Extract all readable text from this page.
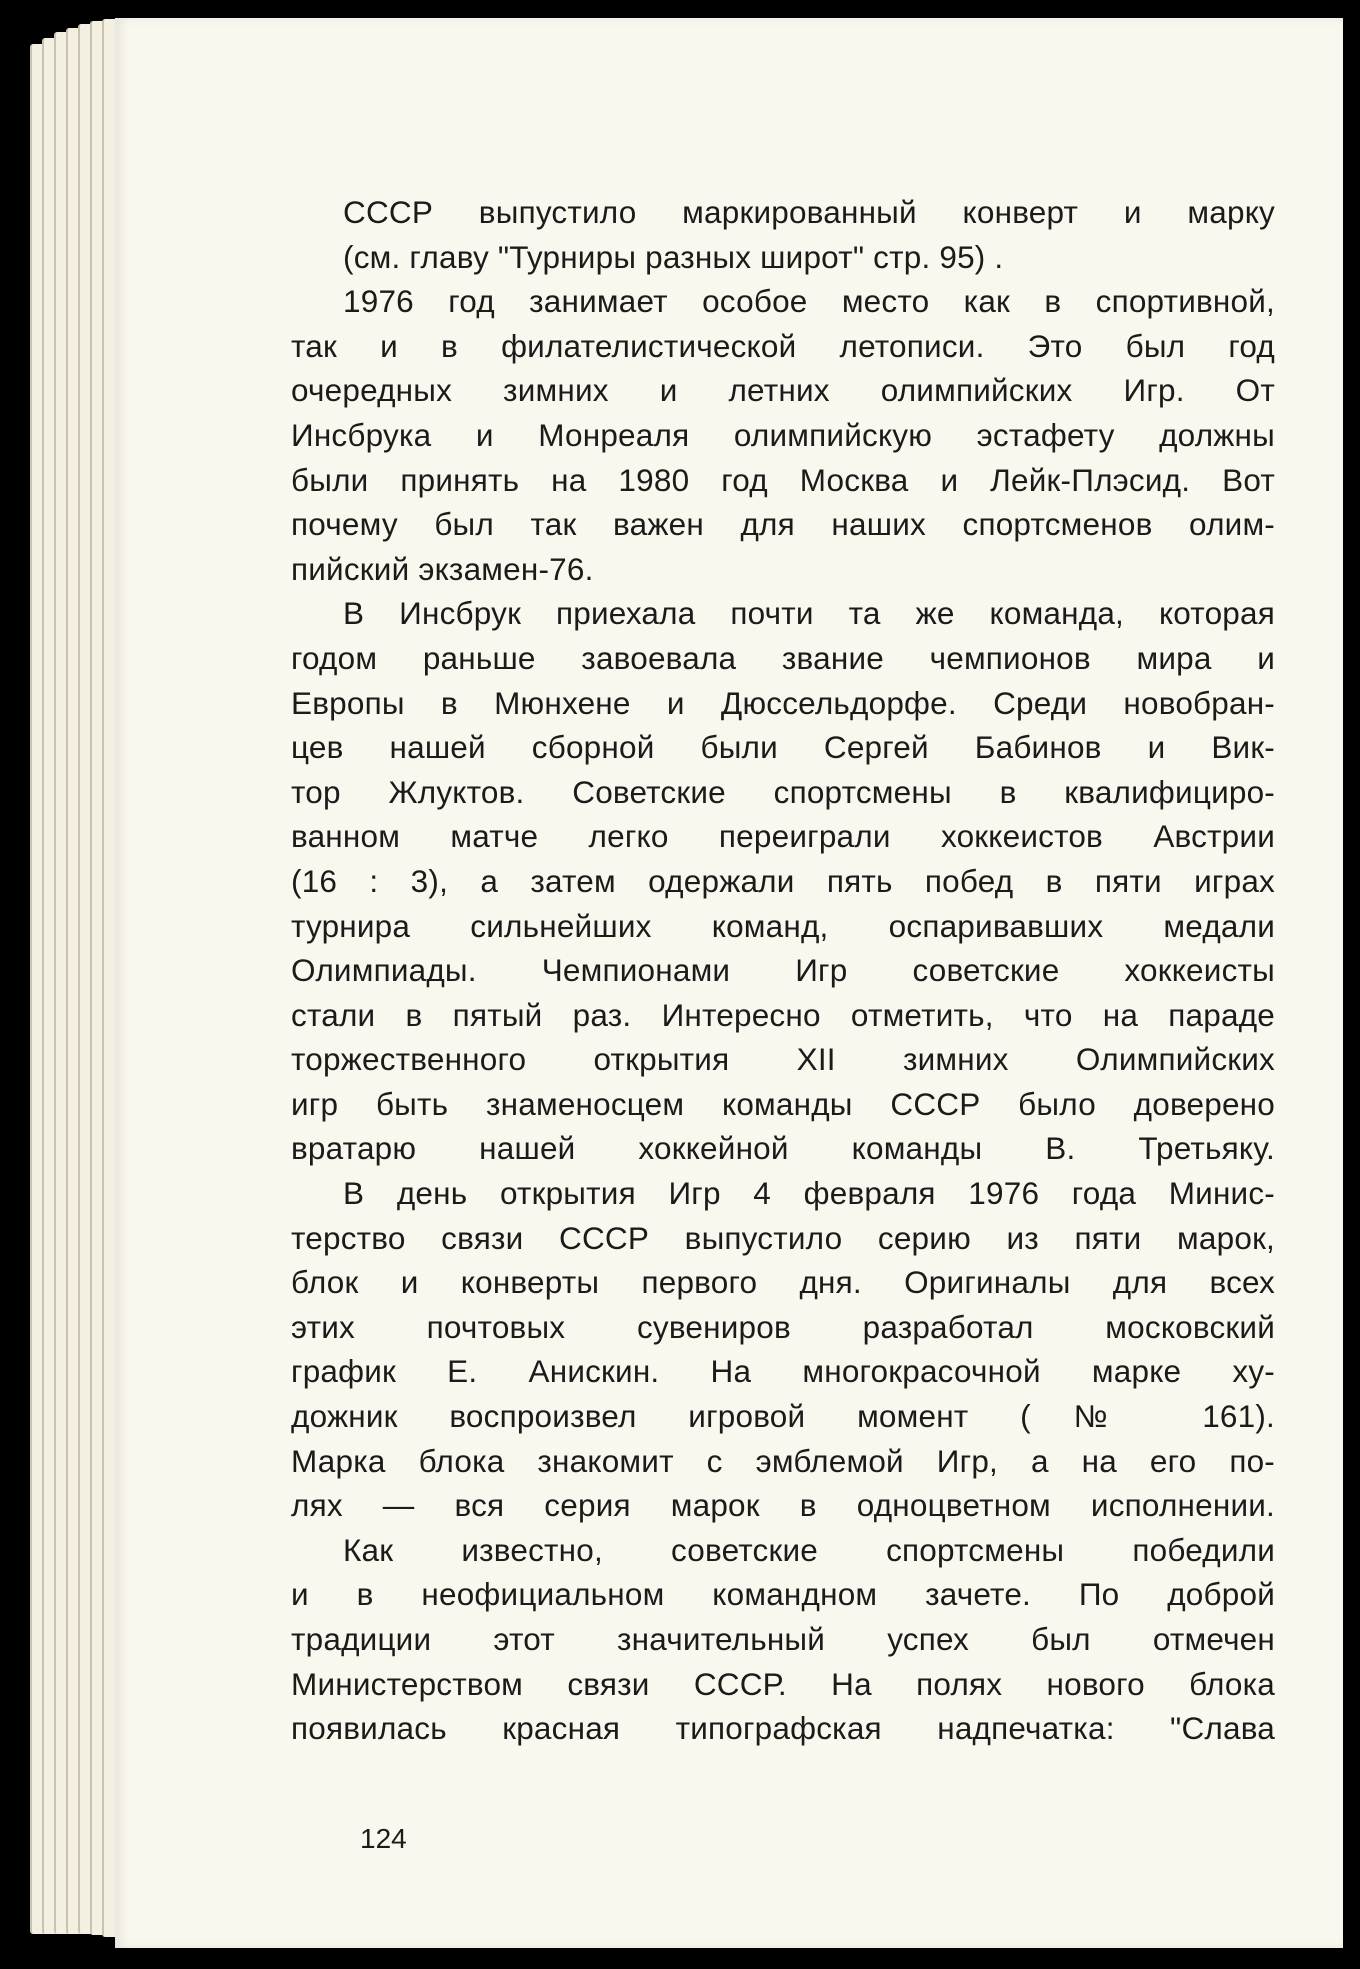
СССР выпустило маркированный конверт и марку
(см. главу "Турниры разных широт" стр. 95) .
1976 год занимает особое место как в спортивной,
так и в филателистической летописи. Это был год
очередных зимних и летних олимпийских Игр. От
Инсбрука и Монреаля олимпийскую эстафету должны
были принять на 1980 год Москва и Лейк-Плэсид. Вот
почему был так важен для наших спортсменов олим-
пийский экзамен-76.
В Инсбрук приехала почти та же команда, которая
годом раньше завоевала звание чемпионов мира и
Европы в Мюнхене и Дюссельдорфе. Среди новобран-
цев нашей сборной были Сергей Бабинов и Вик-
тор Жлуктов. Советские спортсмены в квалифициро-
ванном матче легко переиграли хоккеистов Австрии
(16 : 3), а затем одержали пять побед в пяти играх
турнира сильнейших команд, оспаривавших медали
Олимпиады. Чемпионами Игр советские хоккеисты
стали в пятый раз. Интересно отметить, что на параде
торжественного открытия XII зимних Олимпийских
игр быть знаменосцем команды СССР было доверено
вратарю нашей хоккейной команды В. Третьяку.
В день открытия Игр 4 февраля 1976 года Минис-
терство связи СССР выпустило серию из пяти марок,
блок и конверты первого дня. Оригиналы для всех
этих почтовых сувениров разработал московский
график Е. Анискин. На многокрасочной марке ху-
дожник воспроизвел игровой момент (№ 161).
Марка блока знакомит с эмблемой Игр, а на его по-
лях — вся серия марок в одноцветном исполнении.
Как известно, советские спортсмены победили
и в неофициальном командном зачете. По доброй
традиции этот значительный успех был отмечен
Министерством связи СССР. На полях нового блока
появилась красная типографская надпечатка: "Слава
124
